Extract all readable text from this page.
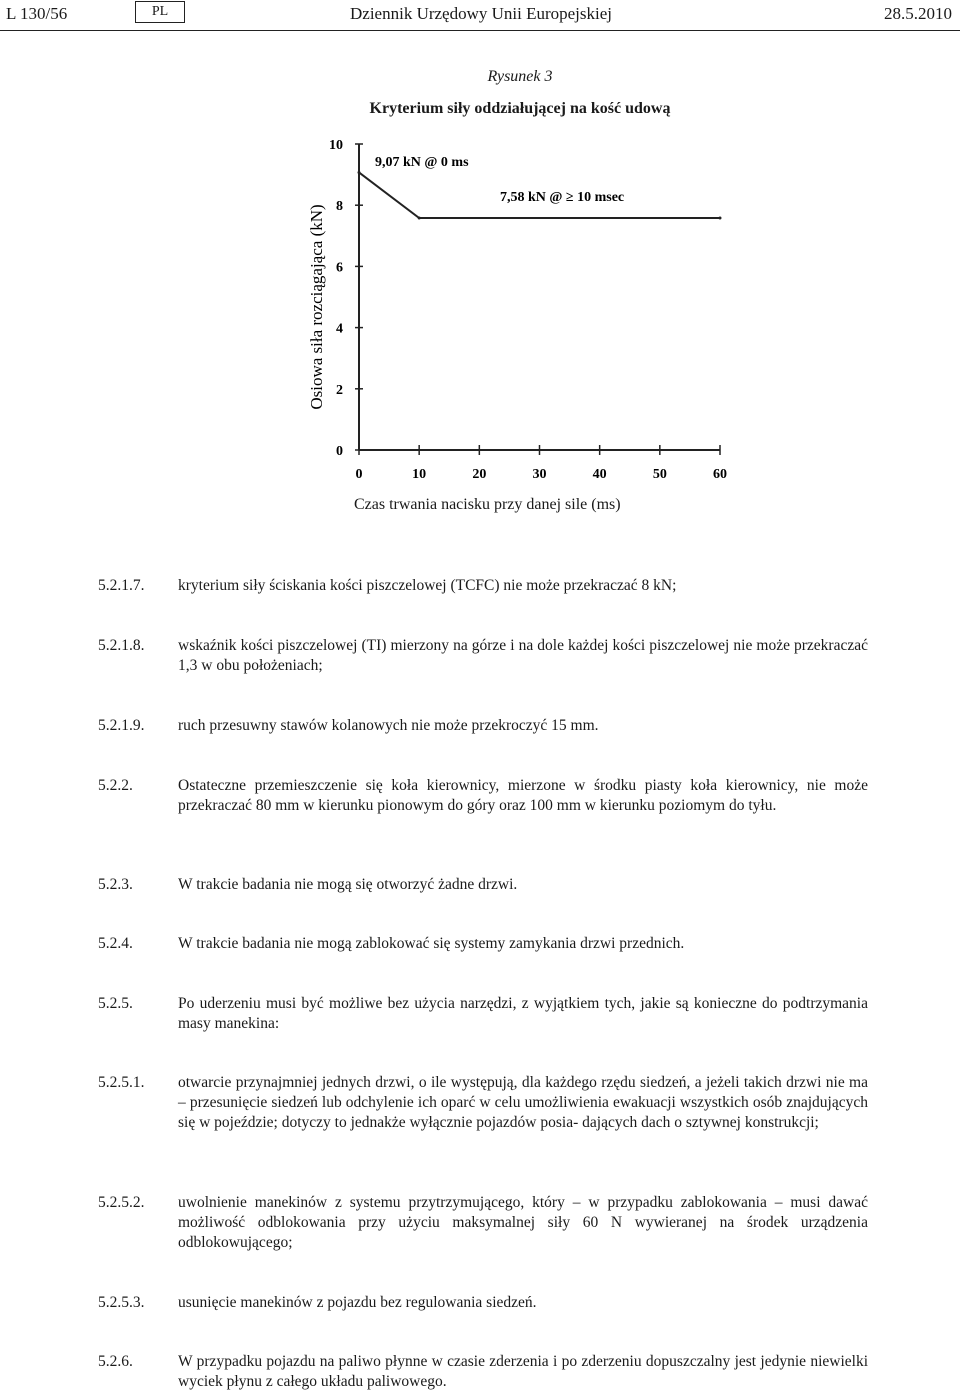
L 130/56	PL	Dziennik Urzędowy Unii Europejskiej	28.5.2010
Rysunek 3
Kryterium siły oddziałującej na kość udową
0
2
4
6
8
10
0	10	20	30	40	50	60
9,07 kN @ 0 ms
7,58 kN @ ≥ 10 msec
Osiowa siła rozciągająca (kN)
Czas trwania nacisku przy danej sile (ms)
5.2.1.7. kryterium siły ściskania kości piszczelowej (TCFC) nie może przekraczać 8 kN;
5.2.1.8. wskaźnik kości piszczelowej (TI) mierzony na górze i na dole każdej kości piszczelowej nie może przekraczać 1,3 w obu położeniach;
5.2.1.9. ruch przesuwny stawów kolanowych nie może przekroczyć 15 mm.
5.2.2.	Ostateczne przemieszczenie się koła kierownicy, mierzone w środku piasty koła kierownicy, nie może przekraczać 80 mm w kierunku pionowym do góry oraz 100 mm w kierunku poziomym do tyłu.
5.2.3.	W trakcie badania nie mogą się otworzyć żadne drzwi.
5.2.4.	W trakcie badania nie mogą zablokować się systemy zamykania drzwi przednich.
5.2.5.	Po uderzeniu musi być możliwe bez użycia narzędzi, z wyjątkiem tych, jakie są konieczne do podtrzymania masy manekina:
5.2.5.1. otwarcie przynajmniej jednych drzwi, o ile występują, dla każdego rzędu siedzeń, a jeżeli takich drzwi nie ma – przesunięcie siedzeń lub odchylenie ich oparć w celu umożliwienia ewakuacji wszystkich osób znajdujących się w pojeździe; dotyczy to jednakże wyłącznie pojazdów posia- dających dach o sztywnej konstrukcji;
5.2.5.2. uwolnienie manekinów z systemu przytrzymującego, który – w przypadku zablokowania – musi dawać możliwość odblokowania przy użyciu maksymalnej siły 60 N wywieranej na środek urządzenia odblokowującego;
5.2.5.3. usunięcie manekinów z pojazdu bez regulowania siedzeń.
5.2.6.	W przypadku pojazdu na paliwo płynne w czasie zderzenia i po zderzeniu dopuszczalny jest jedynie niewielki wyciek płynu z całego układu paliwowego.
